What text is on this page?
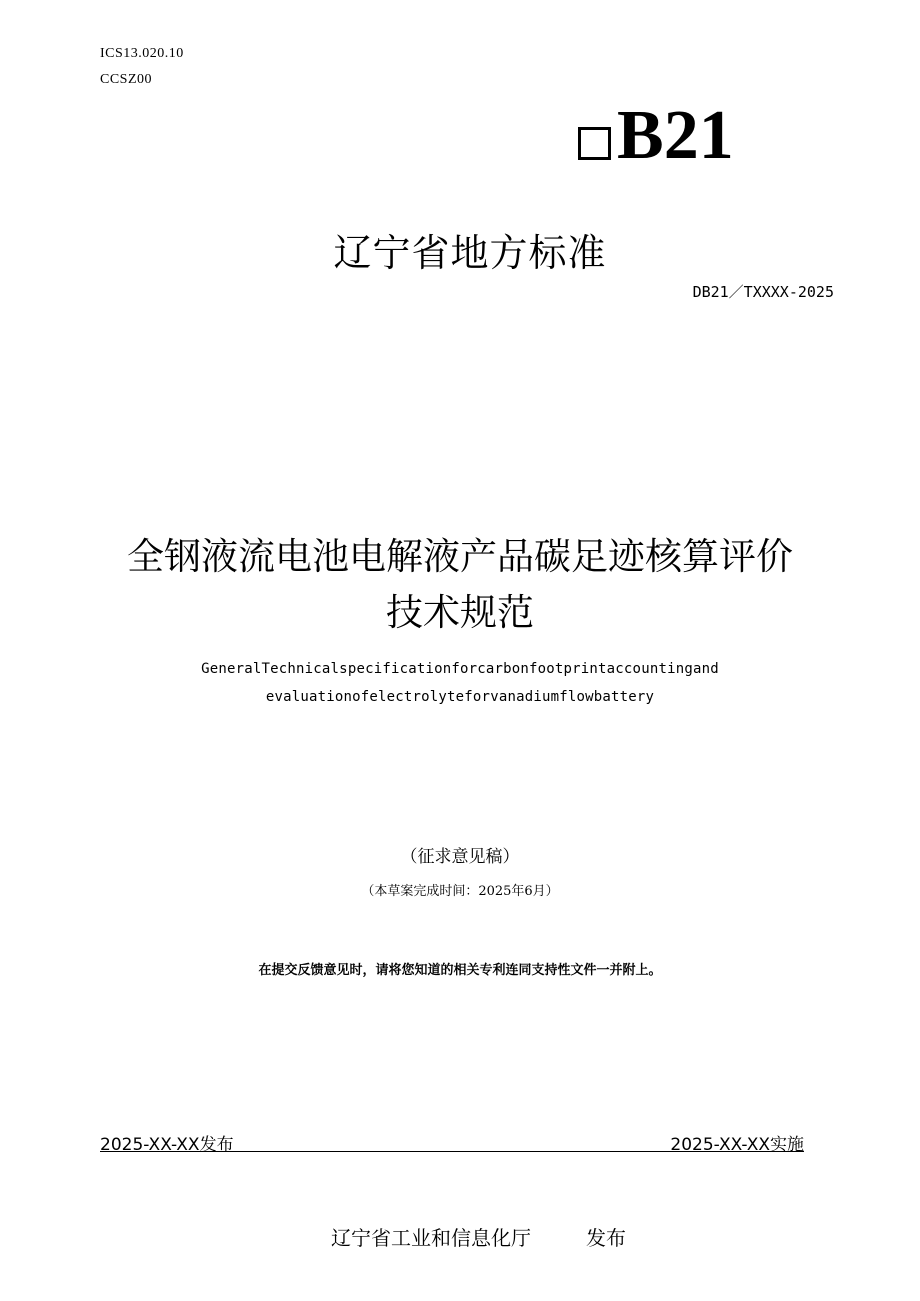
ICS13.020.10
CCSZ00
B21
辽宁省地方标准
DB21／TXXXX-2025
全钢液流电池电解液产品碳足迹核算评价
技术规范
GeneralTechnicalspecificationforcarbonfootprintaccountingand
evaluationofelectrolyteforvanadiumflowbattery
（征求意见稿）
（本草案完成时间：2025年6月）
在提交反馈意见时，请将您知道的相关专利连同支持性文件一并附上。
2025-XX-XX发布	2025-XX-XX实施
辽宁省工业和信息化厅	发布
